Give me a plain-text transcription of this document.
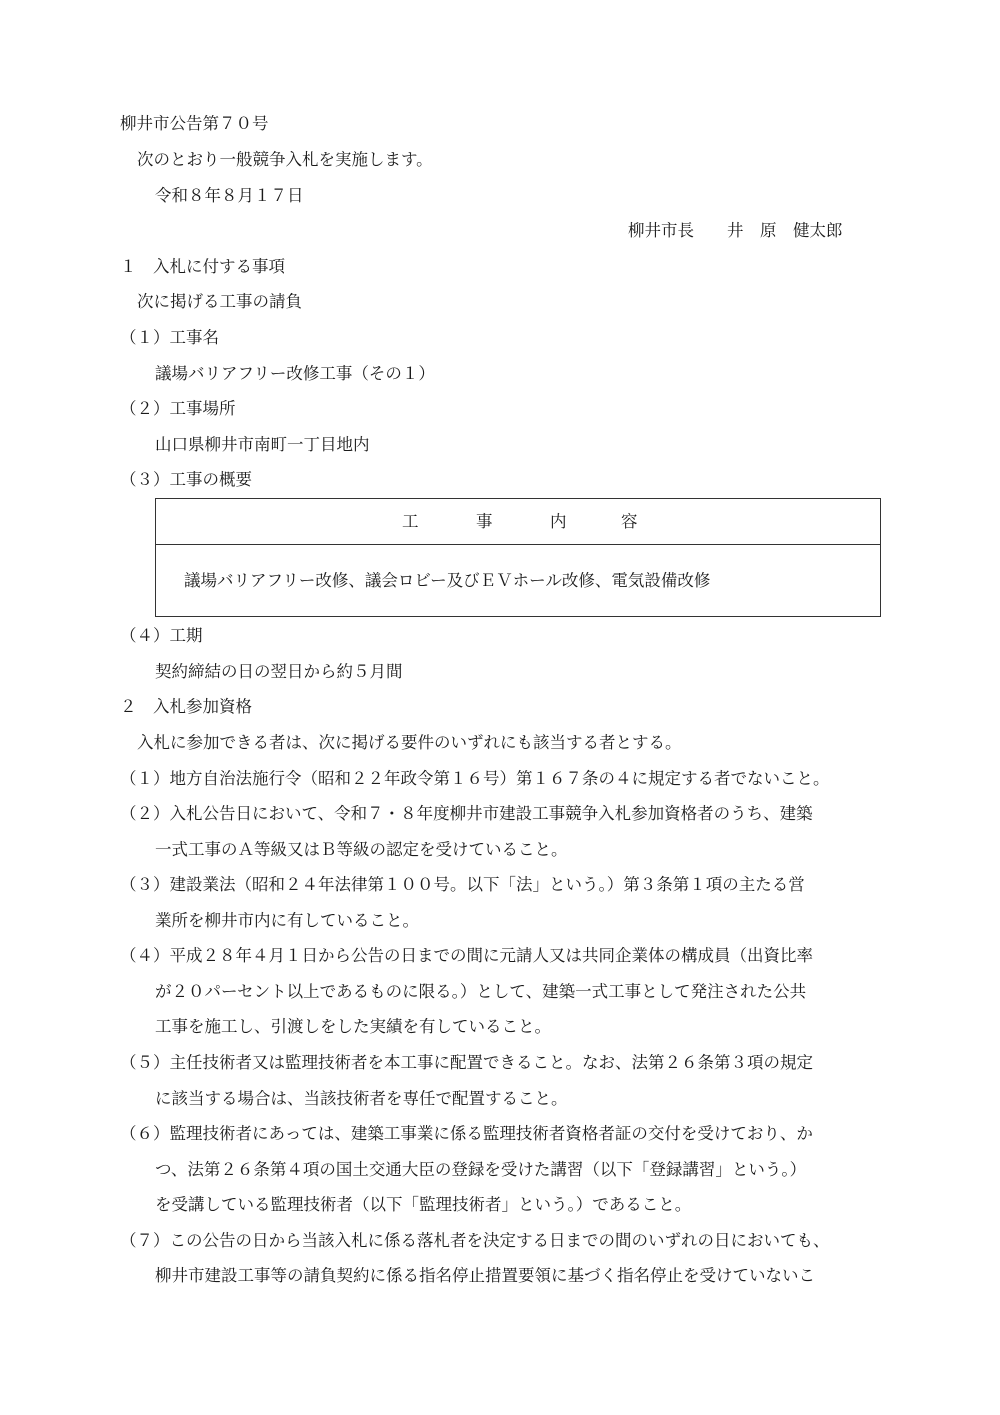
柳井市公告第７０号
次のとおり一般競争入札を実施します。
令和８年８月１７日
柳井市長　　井　原　健太郎
１　入札に付する事項
次に掲げる工事の請負
（１）工事名
議場バリアフリー改修工事（その１）
（２）工事場所
山口県柳井市南町一丁目地内
（３）工事の概要
工	事	内	容
議場バリアフリー改修、議会ロビー及びＥＶホール改修、電気設備改修
（４）工期
契約締結の日の翌日から約５月間
２　入札参加資格
入札に参加できる者は、次に掲げる要件のいずれにも該当する者とする。
（１）地方自治法施行令（昭和２２年政令第１６号）第１６７条の４に規定する者でないこと。
（２）入札公告日において、令和７・８年度柳井市建設工事競争入札参加資格者のうち、建築
一式工事のＡ等級又はＢ等級の認定を受けていること。
（３）建設業法（昭和２４年法律第１００号。以下「法」という。）第３条第１項の主たる営
業所を柳井市内に有していること。
（４）平成２８年４月１日から公告の日までの間に元請人又は共同企業体の構成員（出資比率
が２０パーセント以上であるものに限る。）として、建築一式工事として発注された公共
工事を施工し、引渡しをした実績を有していること。
（５）主任技術者又は監理技術者を本工事に配置できること。なお、法第２６条第３項の規定
に該当する場合は、当該技術者を専任で配置すること。
（６）監理技術者にあっては、建築工事業に係る監理技術者資格者証の交付を受けており、か
つ、法第２６条第４項の国土交通大臣の登録を受けた講習（以下「登録講習」という。）
を受講している監理技術者（以下「監理技術者」という。）であること。
（７）この公告の日から当該入札に係る落札者を決定する日までの間のいずれの日においても、
柳井市建設工事等の請負契約に係る指名停止措置要領に基づく指名停止を受けていないこ
